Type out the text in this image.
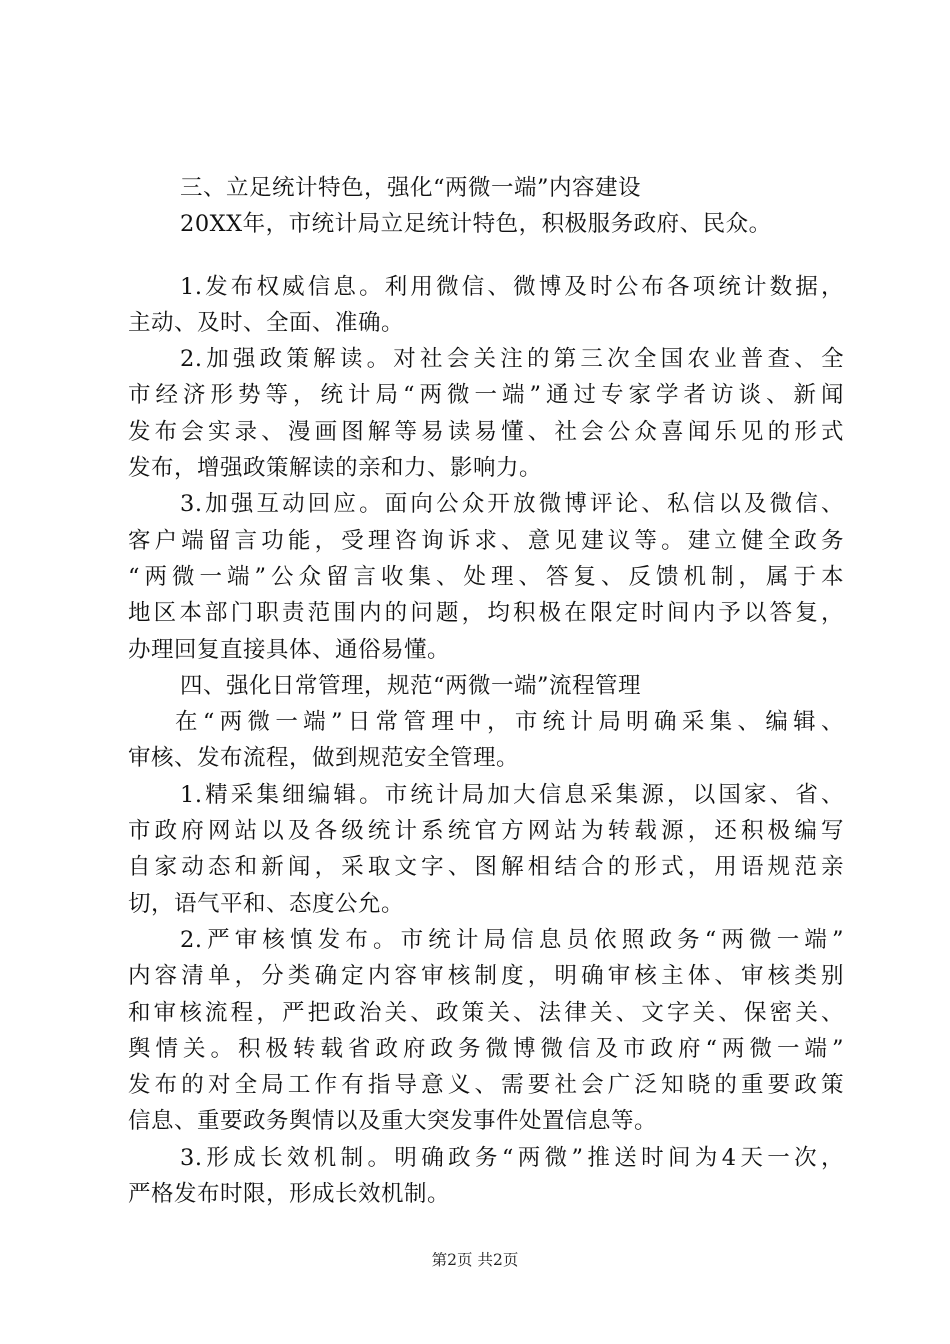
三、立足统计特色，强化“两微一端”内容建设
20XX年，市统计局立足统计特色，积极服务政府、民众。
1.发布权威信息。利用微信、微博及时公布各项统计数据，
主动、及时、全面、准确。
2.加强政策解读。对社会关注的第三次全国农业普查、全
市经济形势等，统计局“两微一端”通过专家学者访谈、新闻
发布会实录、漫画图解等易读易懂、社会公众喜闻乐见的形式
发布，增强政策解读的亲和力、影响力。
3.加强互动回应。面向公众开放微博评论、私信以及微信、
客户端留言功能，受理咨询诉求、意见建议等。建立健全政务
“两微一端”公众留言收集、处理、答复、反馈机制，属于本
地区本部门职责范围内的问题，均积极在限定时间内予以答复，
办理回复直接具体、通俗易懂。
四、强化日常管理，规范“两微一端”流程管理
在“两微一端”日常管理中，市统计局明确采集、编辑、
审核、发布流程，做到规范安全管理。
1.精采集细编辑。市统计局加大信息采集源，以国家、省、
市政府网站以及各级统计系统官方网站为转载源，还积极编写
自家动态和新闻，采取文字、图解相结合的形式，用语规范亲
切，语气平和、态度公允。
2.严审核慎发布。市统计局信息员依照政务“两微一端”
内容清单，分类确定内容审核制度，明确审核主体、审核类别
和审核流程，严把政治关、政策关、法律关、文字关、保密关、
舆情关。积极转载省政府政务微博微信及市政府“两微一端”
发布的对全局工作有指导意义、需要社会广泛知晓的重要政策
信息、重要政务舆情以及重大突发事件处置信息等。
3.形成长效机制。明确政务“两微”推送时间为4天一次，
严格发布时限，形成长效机制。
第2页 共2页
